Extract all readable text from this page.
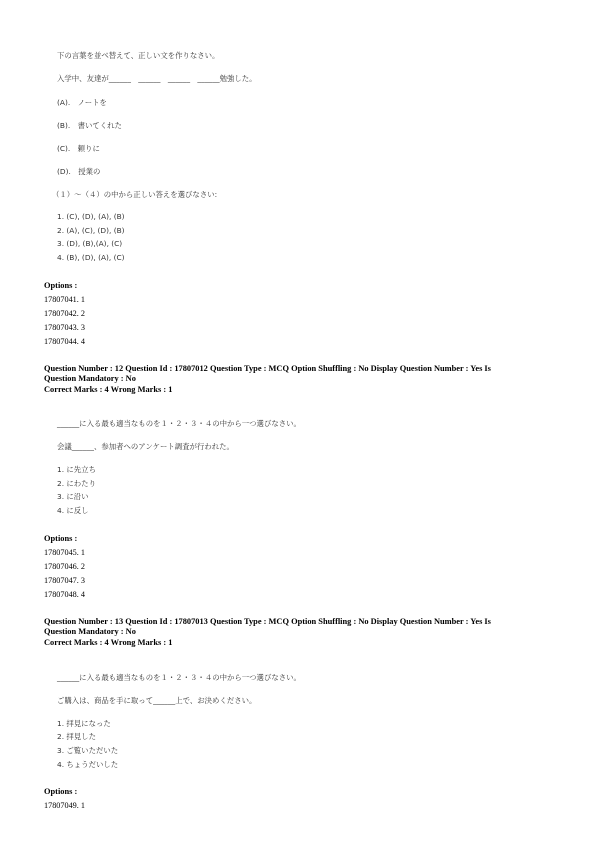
下の言葉を並べ替えて、正しい文を作りなさい。
入学中、友達が______　______　______　______勉強した。
(A).　ノートを
(B).　書いてくれた
(C).　頼りに
(D).　授業の
（１）～（４）の中から正しい答えを選びなさい:
1. (C), (D), (A), (B)
2. (A), (C), (D), (B)
3. (D), (B),(A), (C)
4. (B), (D), (A), (C)
Options :
17807041. 1
17807042. 2
17807043. 3
17807044. 4
Question Number : 12 Question Id : 17807012 Question Type : MCQ Option Shuffling : No Display Question Number : Yes Is
Question Mandatory : No
Correct Marks : 4 Wrong Marks : 1
______に入る最も適当なものを１・２・３・４の中から一つ選びなさい。
会議______、参加者へのアンケート調査が行われた。
1. に先立ち
2. にわたり
3. に沿い
4. に反し
Options :
17807045. 1
17807046. 2
17807047. 3
17807048. 4
Question Number : 13 Question Id : 17807013 Question Type : MCQ Option Shuffling : No Display Question Number : Yes Is
Question Mandatory : No
Correct Marks : 4 Wrong Marks : 1
______に入る最も適当なものを１・２・３・４の中から一つ選びなさい。
ご購入は、商品を手に取って______上で、お決めください。
1. 拝見になった
2. 拝見した
3. ご覧いただいた
4. ちょうだいした
Options :
17807049. 1
